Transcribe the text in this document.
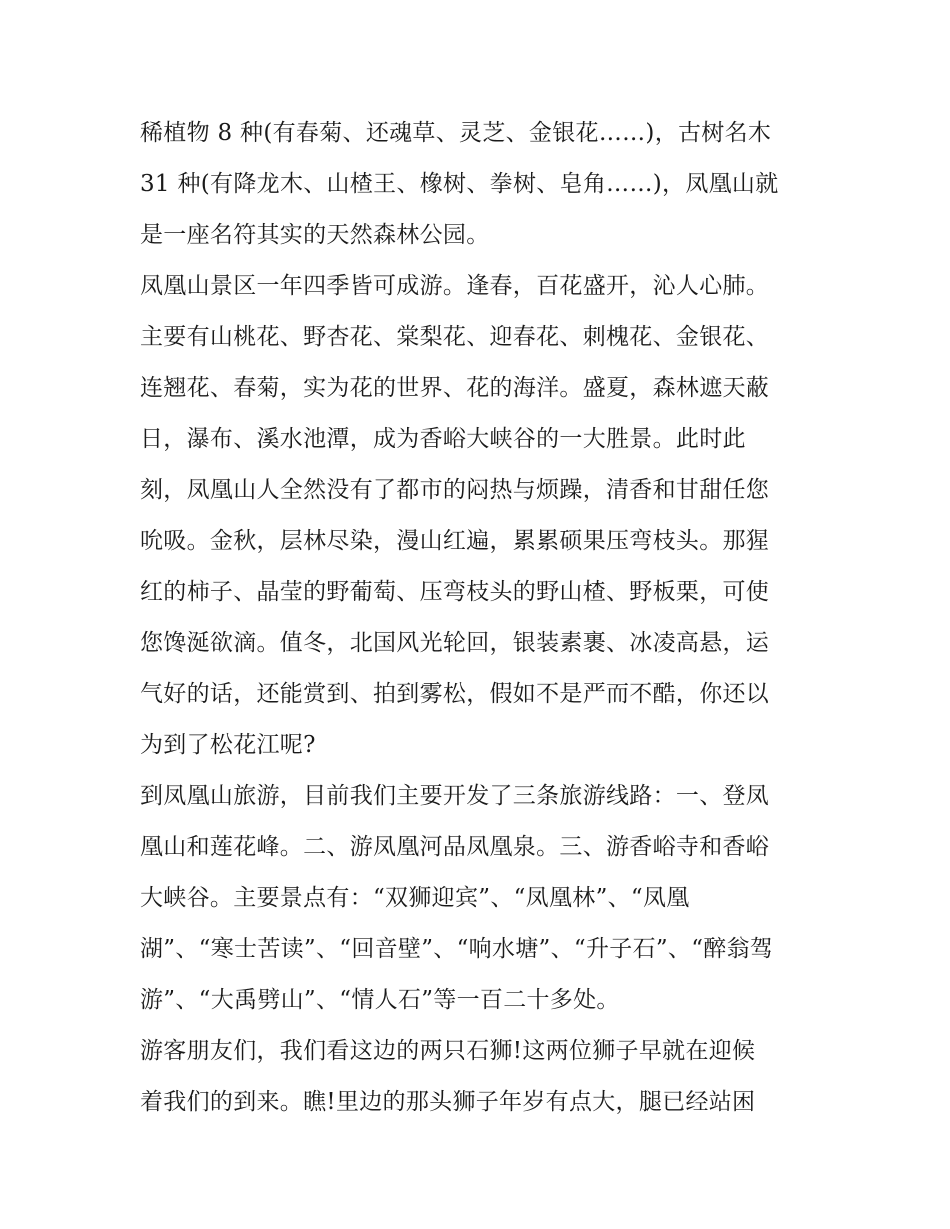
稀植物 8 种(有春菊、还魂草、灵芝、金银花……)，古树名木
31 种(有降龙木、山楂王、橡树、拳树、皂角……)，凤凰山就
是一座名符其实的天然森林公园。
凤凰山景区一年四季皆可成游。逢春，百花盛开，沁人心肺。
主要有山桃花、野杏花、棠梨花、迎春花、刺槐花、金银花、
连翘花、春菊，实为花的世界、花的海洋。盛夏，森林遮天蔽
日，瀑布、溪水池潭，成为香峪大峡谷的一大胜景。此时此
刻，凤凰山人全然没有了都市的闷热与烦躁，清香和甘甜任您
吮吸。金秋，层林尽染，漫山红遍，累累硕果压弯枝头。那猩
红的柿子、晶莹的野葡萄、压弯枝头的野山楂、野板栗，可使
您馋涎欲滴。值冬，北国风光轮回，银装素裹、冰凌高悬，运
气好的话，还能赏到、拍到雾松，假如不是严而不酷，你还以
为到了松花江呢?
到凤凰山旅游，目前我们主要开发了三条旅游线路：一、登凤
凰山和莲花峰。二、游凤凰河品凤凰泉。三、游香峪寺和香峪
大峡谷。主要景点有：“双狮迎宾”、“凤凰林”、“凤凰
湖”、“寒士苦读”、“回音壁”、“响水塘”、“升子石”、“醉翁驾
游”、“大禹劈山”、“情人石”等一百二十多处。
游客朋友们，我们看这边的两只石狮!这两位狮子早就在迎候
着我们的到来。瞧!里边的那头狮子年岁有点大，腿已经站困
